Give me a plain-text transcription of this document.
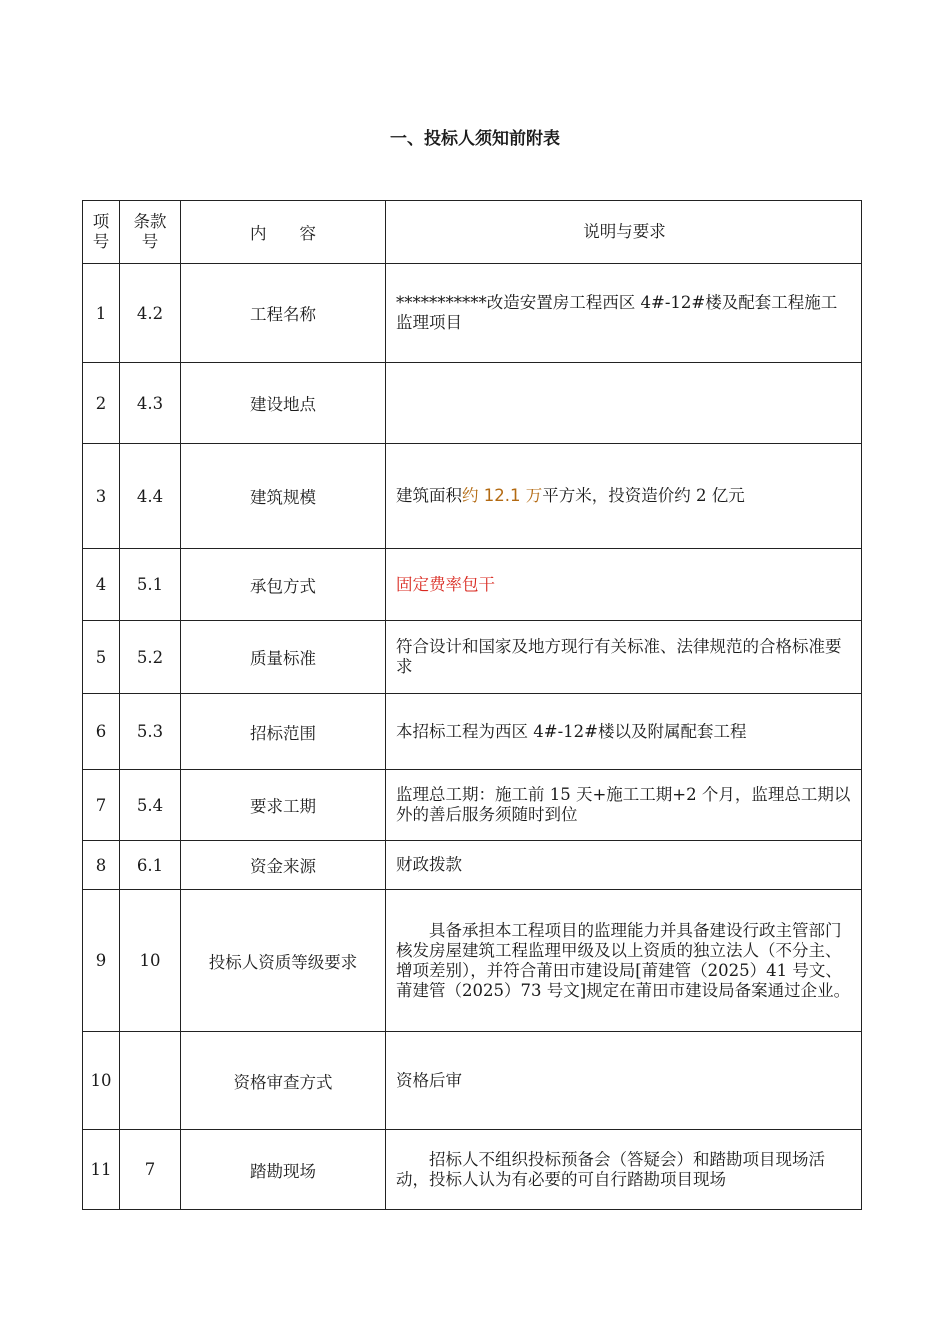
一、投标人须知前附表
项号	条款号	内　　容	说明与要求
1	4.2	工程名称	***********改造安置房工程西区 4#-12#楼及配套工程施工监理项目
2	4.3	建设地点	
3	4.4	建筑规模	建筑面积约 12.1 万平方米，投资造价约 2 亿元
4	5.1	承包方式	固定费率包干
5	5.2	质量标准	符合设计和国家及地方现行有关标准、法律规范的合格标准要求
6	5.3	招标范围	本招标工程为西区 4#-12#楼以及附属配套工程
7	5.4	要求工期	监理总工期：施工前 15 天+施工工期+2 个月，监理总工期以外的善后服务须随时到位
8	6.1	资金来源	财政拨款
9	10	投标人资质等级要求	具备承担本工程项目的监理能力并具备建设行政主管部门核发房屋建筑工程监理甲级及以上资质的独立法人（不分主、增项差别），并符合莆田市建设局[莆建管（2025）41 号文、莆建管（2025）73 号文]规定在莆田市建设局备案通过企业。
10		资格审查方式	资格后审
11	7	踏勘现场	招标人不组织投标预备会（答疑会）和踏勘项目现场活动，投标人认为有必要的可自行踏勘项目现场
